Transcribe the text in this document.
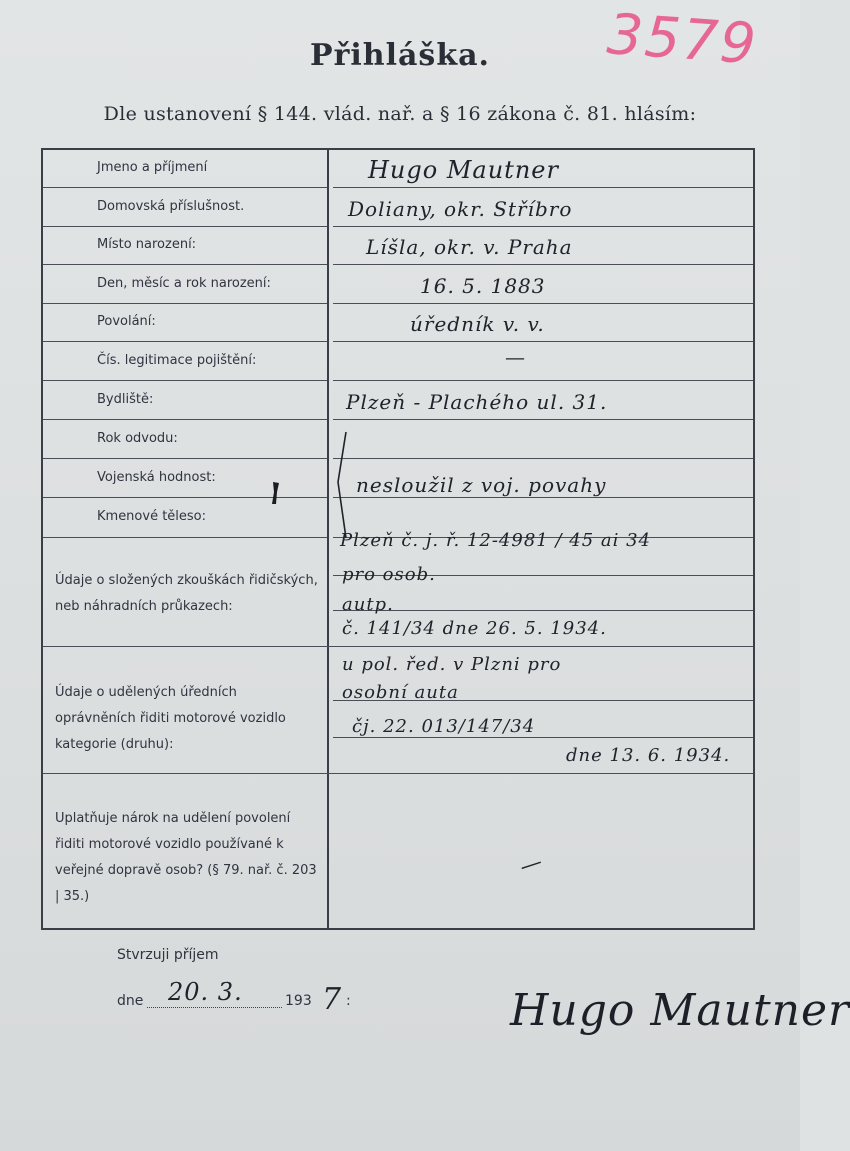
3579
Přihláška.
Dle ustanovení § 144. vlád. nař. a § 16 zákona č. 81. hlásím:
Jmeno a příjmení
Domovská příslušnost.
Místo narození:
Den, měsíc a rok narození:
Povolání:
Čís. legitimace pojištění:
Bydliště:
Rok odvodu:
Vojenská hodnost:
Kmenové těleso:
Údaje o složených zkouškách řidičských, neb náhradních průkazech:
Údaje o udělených úředních oprávněních řiditi motorové vozidlo kategorie (druhu):
Uplatňuje nárok na udělení povolení řiditi motorové vozidlo používané k veřejné dopravě osob? (§ 79. nař. č. 203 | 35.)
Hugo Mautner
Doliany, okr. Stříbro
Líšla, okr. v. Praha
16. 5. 1883
úředník v. v.
—
Plzeň - Plachého ul. 31.
nesloužil z voj. povahy
Plzeň č. j. ř. 12-4981 / 45 ai 34
pro osob.
autp.
č. 141/34 dne 26. 5. 1934.
u pol. řed. v Plzni pro
osobní auta
čj. 22. 013/147/34
dne 13. 6. 1934.
—
Stvrzuji příjem
dne 20. 3.	193 7 :	Hugo Mautner
